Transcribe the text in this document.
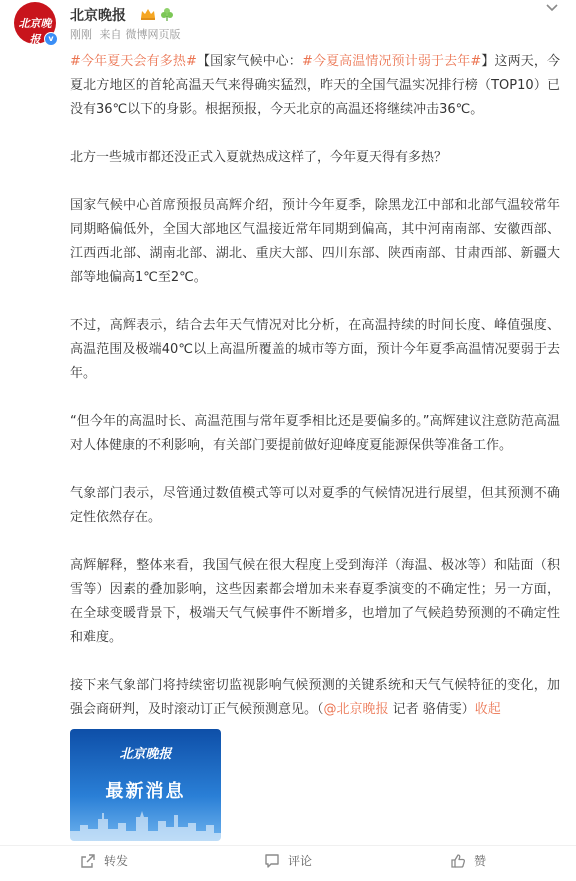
北京晚报
BEIJING EVENING NEWS
v
北京晚报
刚刚 来自 微博网页版

#今年夏天会有多热#【国家气候中心：#今夏高温情况预计弱于去年#】这两天，今夏北方地区的首轮高温天气来得确实猛烈，昨天的全国气温实况排行榜（TOP10）已没有36℃以下的身影。根据预报，今天北京的高温还将继续冲击36℃。

北方一些城市都还没正式入夏就热成这样了，今年夏天得有多热？

国家气候中心首席预报员高辉介绍，预计今年夏季，除黑龙江中部和北部气温较常年同期略偏低外，全国大部地区气温接近常年同期到偏高，其中河南南部、安徽西部、江西西北部、湖南北部、湖北、重庆大部、四川东部、陕西南部、甘肃西部、新疆大部等地偏高1℃至2℃。

不过，高辉表示，结合去年天气情况对比分析，在高温持续的时间长度、峰值强度、高温范围及极端40℃以上高温所覆盖的城市等方面，预计今年夏季高温情况要弱于去年。

“但今年的高温时长、高温范围与常年夏季相比还是要偏多的。”高辉建议注意防范高温对人体健康的不利影响，有关部门要提前做好迎峰度夏能源保供等准备工作。

气象部门表示，尽管通过数值模式等可以对夏季的气候情况进行展望，但其预测不确定性依然存在。

高辉解释，整体来看，我国气候在很大程度上受到海洋（海温、极冰等）和陆面（积雪等）因素的叠加影响，这些因素都会增加未来春夏季演变的不确定性；另一方面，在全球变暖背景下，极端天气气候事件不断增多，也增加了气候趋势预测的不确定性和难度。

接下来气象部门将持续密切监视影响气候预测的关键系统和天气气候特征的变化，加强会商研判，及时滚动订正气候预测意见。（@北京晚报 记者 骆倩雯）收起

北京晚报
最新消息
转发	评论	赞
